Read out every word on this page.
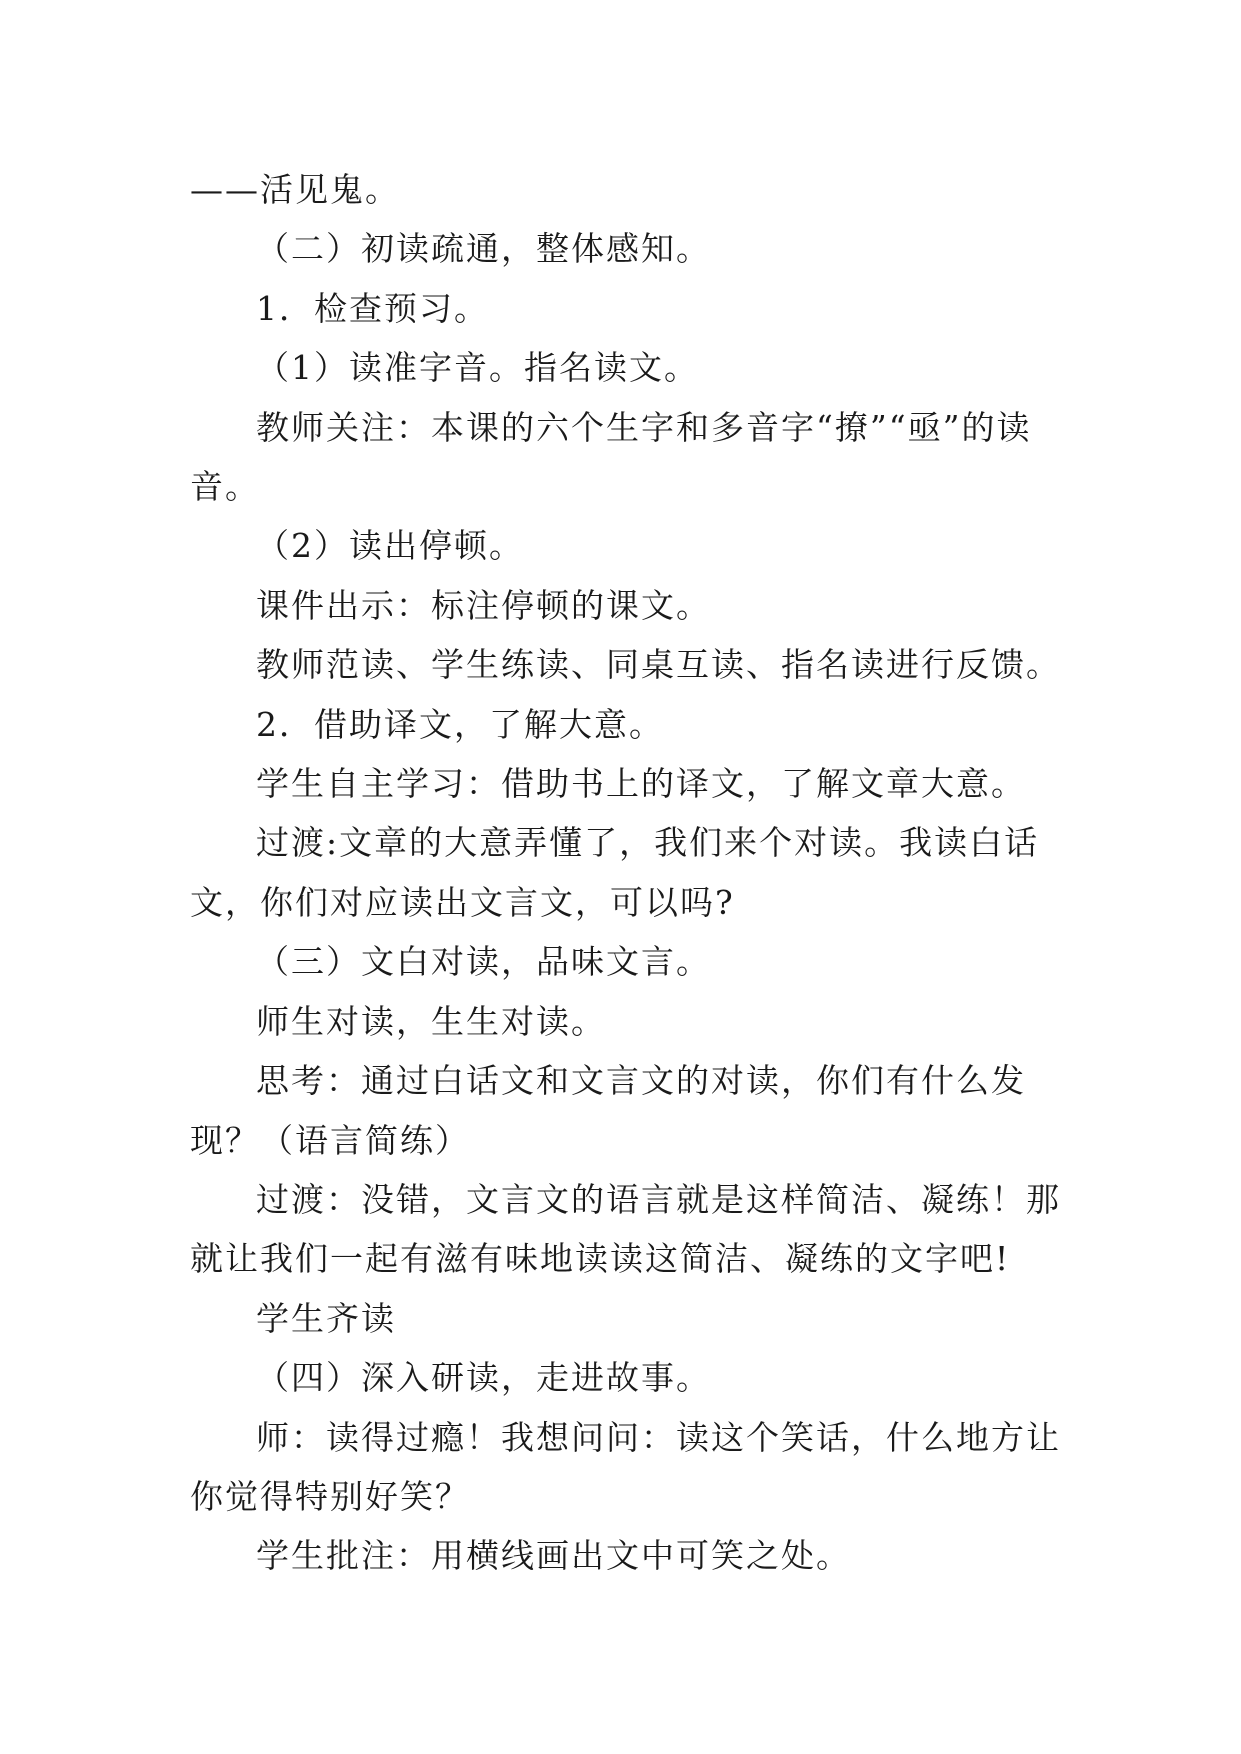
——活见鬼。

（二）初读疏通，整体感知。

1．检查预习。

（1）读准字音。指名读文。

教师关注：本课的六个生字和多音字“撩”“亟”的读音。

（2）读出停顿。

课件出示：标注停顿的课文。

教师范读、学生练读、同桌互读、指名读进行反馈。

2．借助译文，了解大意。

学生自主学习：借助书上的译文，了解文章大意。

过渡:文章的大意弄懂了，我们来个对读。我读白话文，你们对应读出文言文，可以吗?

（三）文白对读，品味文言。

师生对读，生生对读。

思考：通过白话文和文言文的对读，你们有什么发现？（语言简练）

过渡：没错，文言文的语言就是这样简洁、凝练！那就让我们一起有滋有味地读读这简洁、凝练的文字吧!

学生齐读

（四）深入研读，走进故事。

师：读得过瘾！我想问问：读这个笑话，什么地方让你觉得特别好笑？

学生批注：用横线画出文中可笑之处。
